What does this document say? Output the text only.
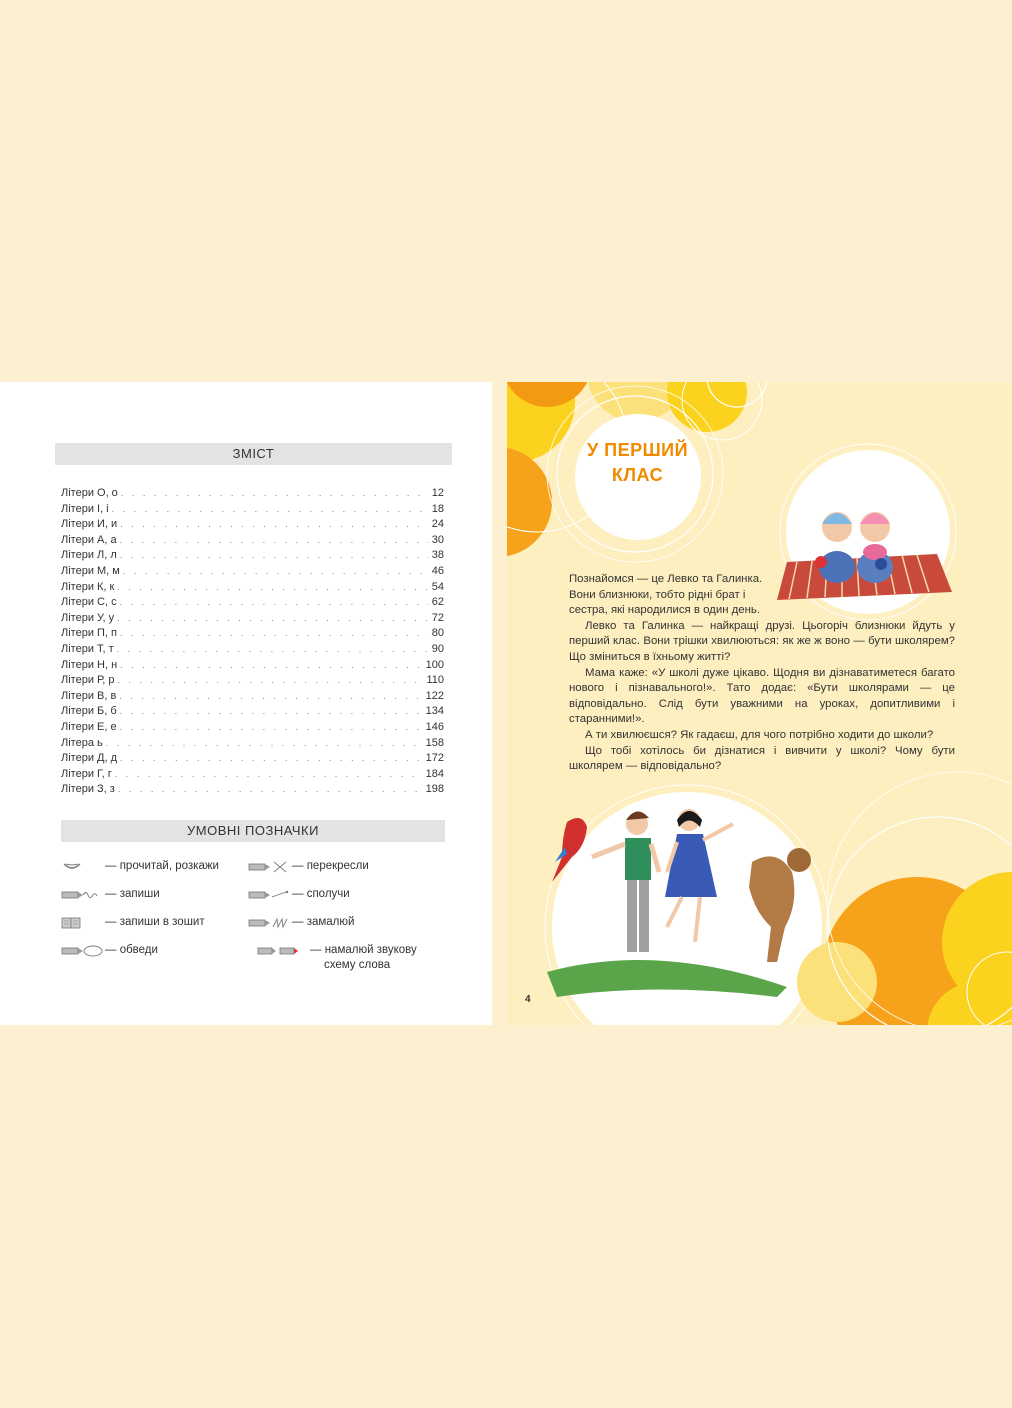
ЗМІСТ
Літери О, о . . .	12
Літери І, і . . .	18
Літери И, и . . .	24
Літери А, а . . .	30
Літери Л, л . . .	38
Літери М, м . . .	46
Літери К, к . . .	54
Літери С, с . . .	62
Літери У, у . . .	72
Літери П, п . . .	80
Літери Т, т . . .	90
Літери Н, н . . .	100
Літери Р, р . . .	110
Літери В, в . . .	122
Літери Б, б . . .	134
Літери Е, е . . .	146
Літера ь . . .	158
Літери Д, д . . .	172
Літери Г, г . . .	184
Літери З, з . . .	198
УМОВНІ ПОЗНАЧКИ
— прочитай, розкажи
— запиши
— запиши в зошит
— обведи
— перекресли
— сполучи
— замалюй
— намалюй звукову
схему слова
У ПЕРШИЙ
КЛАС

Познайомся — це Левко та Галинка. Вони близнюки, тобто рідні брат і сестра, які народилися в один день.

Левко та Галинка — найкращі друзі. Цьогоріч близнюки йдуть у перший клас. Вони трішки хвилюються: як же ж воно — бути школярем? Що зміниться в їхньому житті?

Мама каже: «У школі дуже цікаво. Щодня ви дізнаватиметеся багато нового і пізнавального!». Тато додає: «Бути школярами — це відповідально. Слід бути уважними на уроках, допитливими і старанними!».

А ти хвилюєшся? Як гадаєш, для чого потрібно ходити до школи?

Що тобі хотілось би дізнатися і вивчити у школі? Чому бути школярем — відповідально?

4
